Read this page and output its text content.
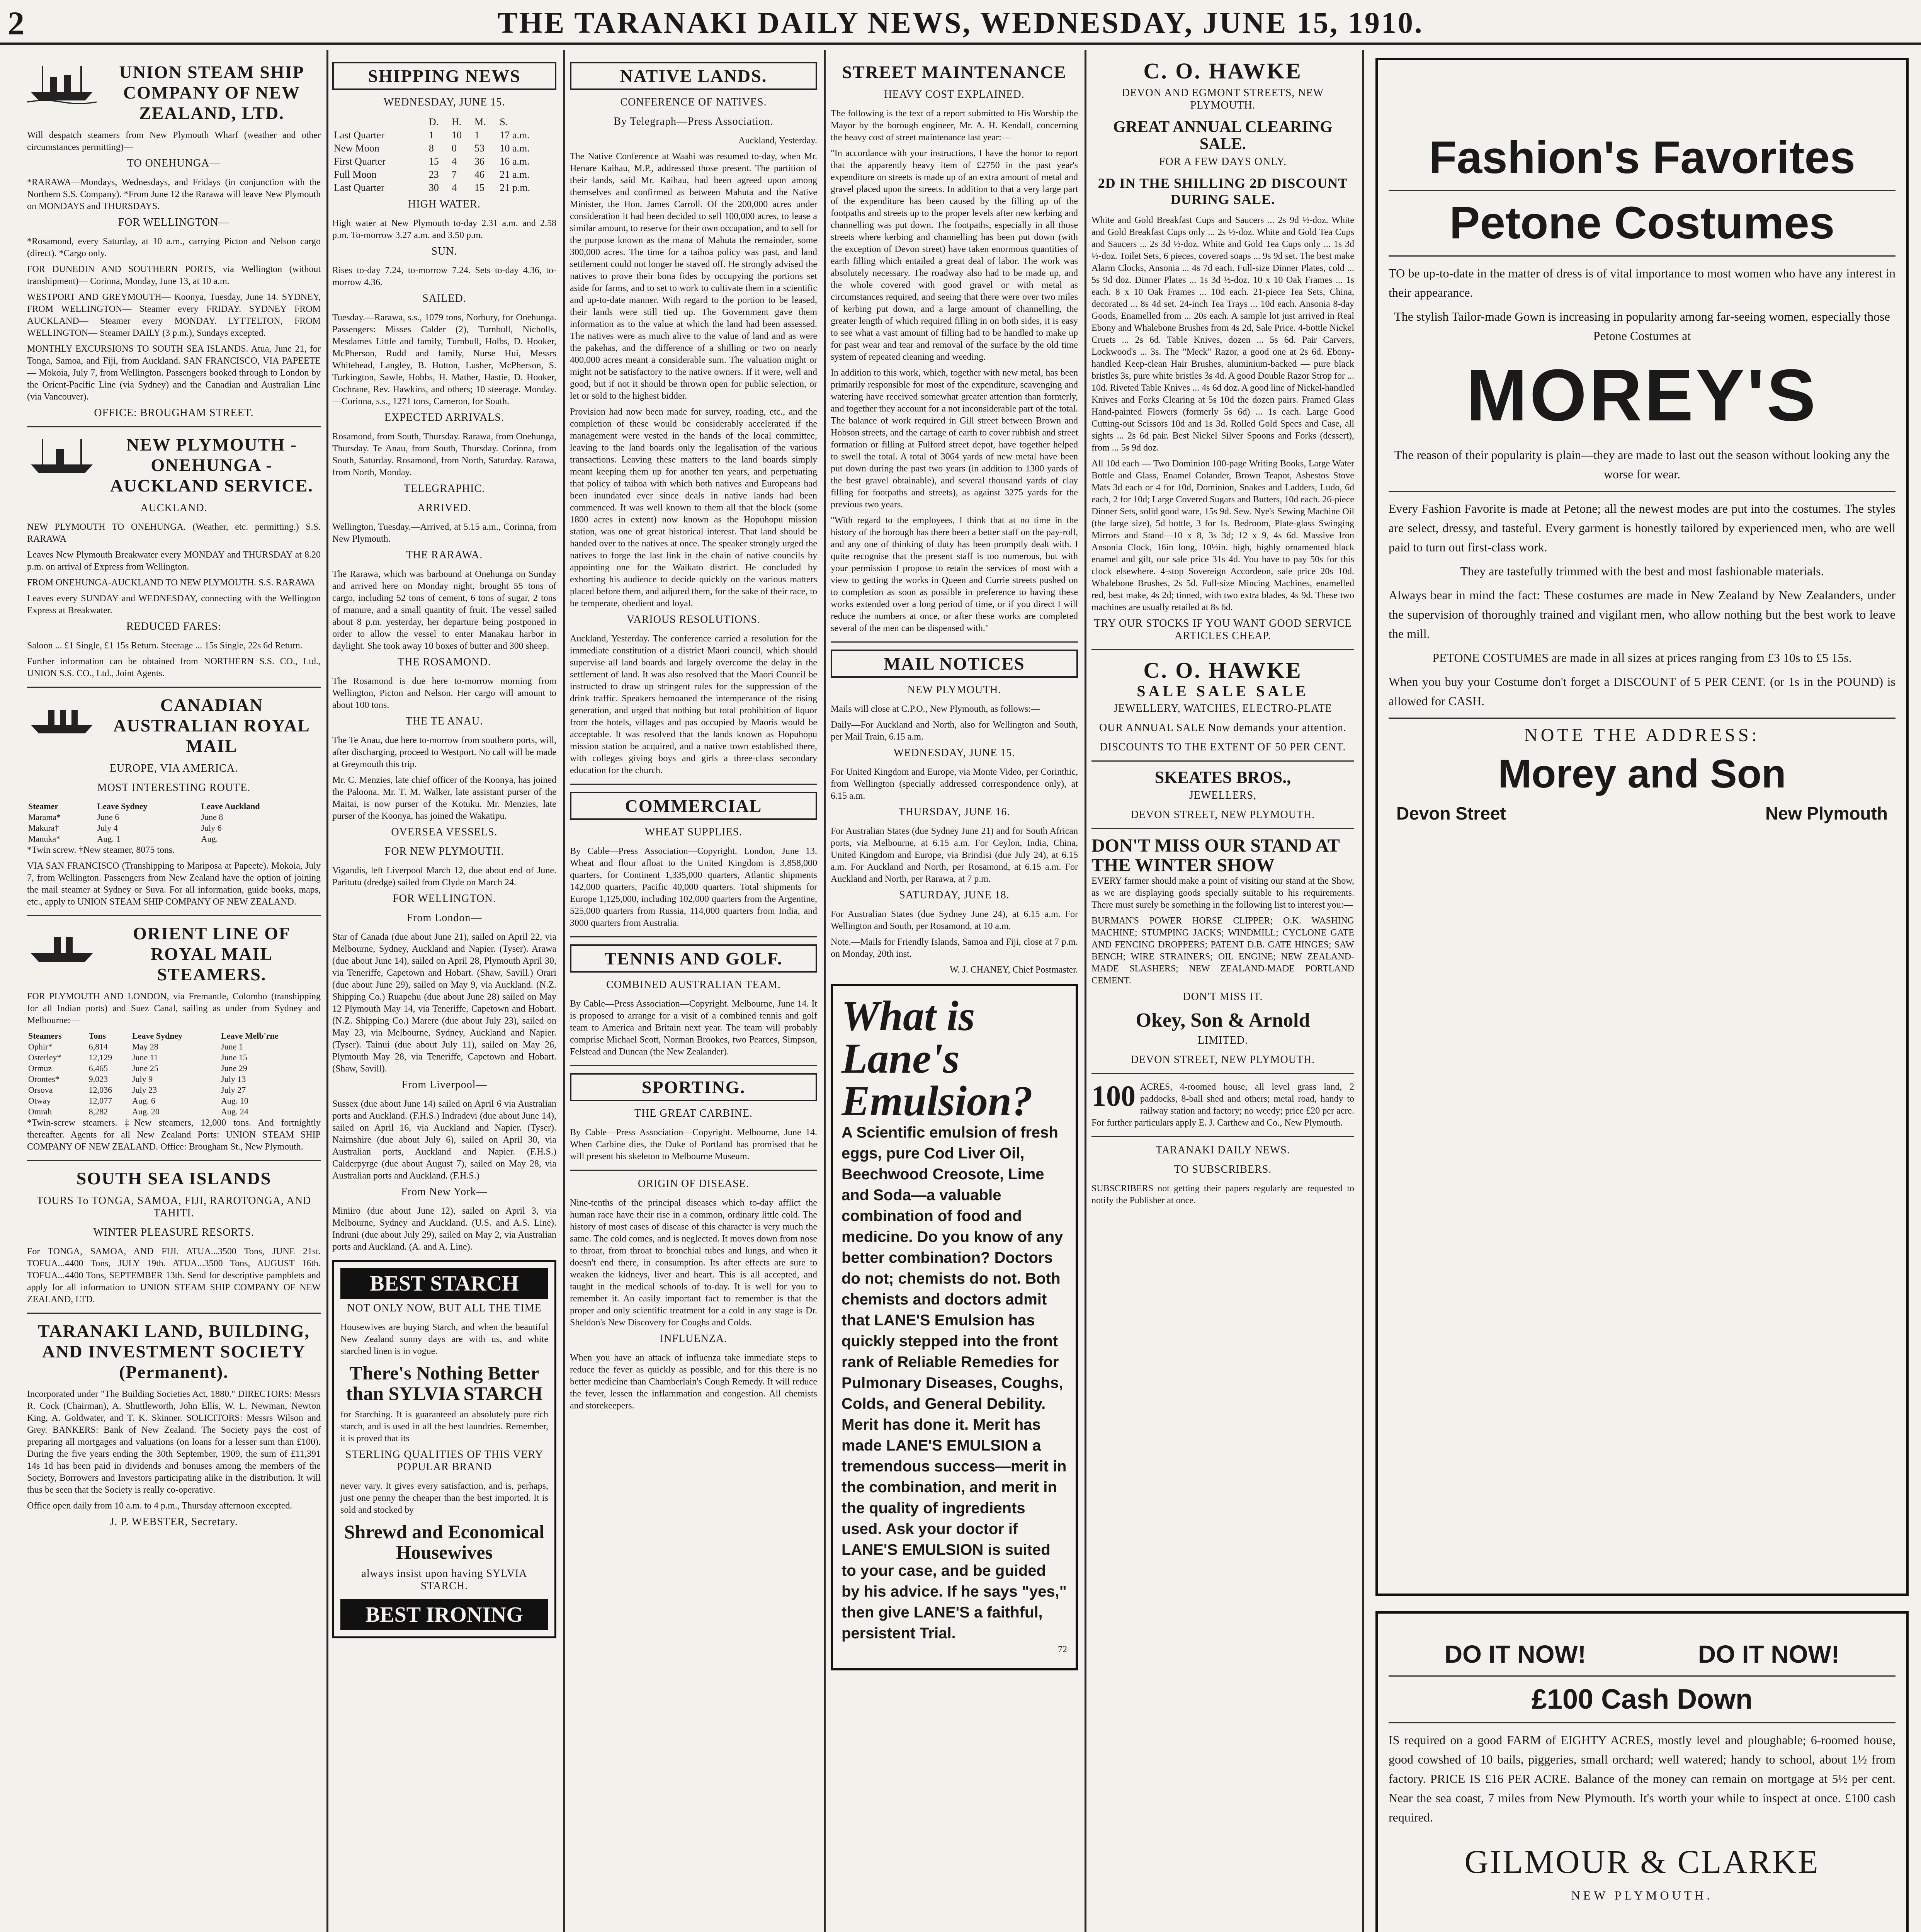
2	THE TARANAKI DAILY NEWS, WEDNESDAY, JUNE 15, 1910.
UNION STEAM SHIP COMPANY OF NEW ZEALAND, LTD.

Will despatch steamers from New Plymouth Wharf (weather and other circumstances permitting)—

TO ONEHUNGA—

*RARAWA—Mondays, Wednesdays, and Fridays (in conjunction with the Northern S.S. Company). *From June 12 the Rarawa will leave New Plymouth on MONDAYS and THURSDAYS.

FOR WELLINGTON—

*Rosamond, every Saturday, at 10 a.m., carrying Picton and Nelson cargo (direct). *Cargo only.

FOR DUNEDIN AND SOUTHERN PORTS, via Wellington (without transhipment)— Corinna, Monday, June 13, at 10 a.m.

WESTPORT AND GREYMOUTH— Koonya, Tuesday, June 14. SYDNEY, FROM WELLINGTON— Steamer every FRIDAY. SYDNEY FROM AUCKLAND— Steamer every MONDAY. LYTTELTON, FROM WELLINGTON— Steamer DAILY (3 p.m.), Sundays excepted.

MONTHLY EXCURSIONS TO SOUTH SEA ISLANDS. Atua, June 21, for Tonga, Samoa, and Fiji, from Auckland. SAN FRANCISCO, VIA PAPEETE— Mokoia, July 7, from Wellington. Passengers booked through to London by the Orient-Pacific Line (via Sydney) and the Canadian and Australian Line (via Vancouver).

OFFICE: BROUGHAM STREET.
NEW PLYMOUTH - ONEHUNGA - AUCKLAND SERVICE.
AUCKLAND.

NEW PLYMOUTH TO ONEHUNGA. (Weather, etc. permitting.) S.S. RARAWA

Leaves New Plymouth Breakwater every MONDAY and THURSDAY at 8.20 p.m. on arrival of Express from Wellington.

FROM ONEHUNGA-AUCKLAND TO NEW PLYMOUTH. S.S. RARAWA

Leaves every SUNDAY and WEDNESDAY, connecting with the Wellington Express at Breakwater.

REDUCED FARES:

Saloon ... £1 Single, £1 15s Return. Steerage ... 15s Single, 22s 6d Return.

Further information can be obtained from NORTHERN S.S. CO., Ltd., UNION S.S. CO., Ltd., Joint Agents.

CANADIAN AUSTRALIAN ROYAL MAIL
EUROPE, VIA AMERICA.
MOST INTERESTING ROUTE.
Steamer	Leave Sydney	Leave Auckland
Marama*	June 6	June 8
Makura†	July 4	July 6
Manuka*	Aug. 1	Aug.

*Twin screw. †New steamer, 8075 tons.

VIA SAN FRANCISCO (Transhipping to Mariposa at Papeete). Mokoia, July 7, from Wellington. Passengers from New Zealand have the option of joining the mail steamer at Sydney or Suva. For all information, guide books, maps, etc., apply to UNION STEAM SHIP COMPANY OF NEW ZEALAND.

ORIENT LINE OF ROYAL MAIL STEAMERS.

FOR PLYMOUTH AND LONDON, via Fremantle, Colombo (transhipping for all Indian ports) and Suez Canal, sailing as under from Sydney and Melbourne:—

Steamers	Tons	Leave Sydney	Leave Melb'rne
Ophir*	6,814	May 28	June 1
Osterley*	12,129	June 11	June 15
Ormuz	6,465	June 25	June 29
Orontes*	9,023	July 9	July 13
Orsova	12,036	July 23	July 27
Otway	12,077	Aug. 6	Aug. 10
Omrah	8,282	Aug. 20	Aug. 24

*Twin-screw steamers. ‡New steamers, 12,000 tons. And fortnightly thereafter. Agents for all New Zealand Ports: UNION STEAM SHIP COMPANY OF NEW ZEALAND. Office: Brougham St., New Plymouth.

SOUTH SEA ISLANDS
TOURS To TONGA, SAMOA, FIJI, RAROTONGA, AND TAHITI.
WINTER PLEASURE RESORTS.

For TONGA, SAMOA, AND FIJI. ATUA...3500 Tons, JUNE 21st. TOFUA...4400 Tons, JULY 19th. ATUA...3500 Tons, AUGUST 16th. TOFUA...4400 Tons, SEPTEMBER 13th. Send for descriptive pamphlets and apply for all information to UNION STEAM SHIP COMPANY OF NEW ZEALAND, LTD.

TARANAKI LAND, BUILDING, AND INVESTMENT SOCIETY (Permanent).

Incorporated under "The Building Societies Act, 1880." DIRECTORS: Messrs R. Cock (Chairman), A. Shuttleworth, John Ellis, W. L. Newman, Newton King, A. Goldwater, and T. K. Skinner. SOLICITORS: Messrs Wilson and Grey. BANKERS: Bank of New Zealand. The Society pays the cost of preparing all mortgages and valuations (on loans for a lesser sum than £100). During the five years ending the 30th September, 1909, the sum of £11,391 14s 1d has been paid in dividends and bonuses among the members of the Society, Borrowers and Investors participating alike in the distribution. It will thus be seen that the Society is really co-operative.

Office open daily from 10 a.m. to 4 p.m., Thursday afternoon excepted.

J. P. WEBSTER, Secretary.
SHIPPING NEWS
WEDNESDAY, JUNE 15.
	D.	H.	M.	S.
Last Quarter	1	10	1	17 a.m.
New Moon	8	0	53	10 a.m.
First Quarter	15	4	36	16 a.m.
Full Moon	23	7	46	21 a.m.
Last Quarter	30	4	15	21 p.m.
HIGH WATER.

High water at New Plymouth to-day 2.31 a.m. and 2.58 p.m. To-morrow 3.27 a.m. and 3.50 p.m.

SUN.

Rises to-day 7.24, to-morrow 7.24. Sets to-day 4.36, to-morrow 4.36.

SAILED.

Tuesday.—Rarawa, s.s., 1079 tons, Norbury, for Onehunga. Passengers: Misses Calder (2), Turnbull, Nicholls, Mesdames Little and family, Turnbull, Holbs, D. Hooker, McPherson, Rudd and family, Nurse Hui, Messrs Whitehead, Langley, B. Hutton, Lusher, McPherson, S. Turkington, Sawle, Hobbs, H. Mather, Hastie, D. Hooker, Cochrane, Rev. Hawkins, and others; 10 steerage. Monday.—Corinna, s.s., 1271 tons, Cameron, for South.

EXPECTED ARRIVALS.

Rosamond, from South, Thursday. Rarawa, from Onehunga, Thursday. Te Anau, from South, Thursday. Corinna, from South, Saturday. Rosamond, from North, Saturday. Rarawa, from North, Monday.

TELEGRAPHIC.
ARRIVED.

Wellington, Tuesday.—Arrived, at 5.15 a.m., Corinna, from New Plymouth.

THE RARAWA.

The Rarawa, which was barbound at Onehunga on Sunday and arrived here on Monday night, brought 55 tons of cargo, including 52 tons of cement, 6 tons of sugar, 2 tons of manure, and a small quantity of fruit. The vessel sailed about 8 p.m. yesterday, her departure being postponed in order to allow the vessel to enter Manakau harbor in daylight. She took away 10 boxes of butter and 300 sheep.

THE ROSAMOND.

The Rosamond is due here to-morrow morning from Wellington, Picton and Nelson. Her cargo will amount to about 100 tons.

THE TE ANAU.

The Te Anau, due here to-morrow from southern ports, will, after discharging, proceed to Westport. No call will be made at Greymouth this trip.

Mr. C. Menzies, late chief officer of the Koonya, has joined the Paloona. Mr. T. M. Walker, late assistant purser of the Maitai, is now purser of the Kotuku. Mr. Menzies, late purser of the Koonya, has joined the Wakatipu.

OVERSEA VESSELS.
FOR NEW PLYMOUTH.

Vigandis, left Liverpool March 12, due about end of June. Paritutu (dredge) sailed from Clyde on March 24.

FOR WELLINGTON.
From London—

Star of Canada (due about June 21), sailed on April 22, via Melbourne, Sydney, Auckland and Napier. (Tyser). Arawa (due about June 14), sailed on April 28, Plymouth April 30, via Teneriffe, Capetown and Hobart. (Shaw, Savill.) Orari (due about June 29), sailed on May 9, via Auckland. (N.Z. Shipping Co.) Ruapehu (due about June 28) sailed on May 12 Plymouth May 14, via Teneriffe, Capetown and Hobart. (N.Z. Shipping Co.) Marere (due about July 23), sailed on May 23, via Melbourne, Sydney, Auckland and Napier. (Tyser). Tainui (due about July 11), sailed on May 26, Plymouth May 28, via Teneriffe, Capetown and Hobart. (Shaw, Savill).

From Liverpool—

Sussex (due about June 14) sailed on April 6 via Australian ports and Auckland. (F.H.S.) Indradevi (due about June 14), sailed on April 16, via Auckland and Napier. (Tyser). Nairnshire (due about July 6), sailed on April 30, via Australian ports, Auckland and Napier. (F.H.S.) Calderpyrge (due about August 7), sailed on May 28, via Australian ports and Auckland. (F.H.S.)

From New York—

Miniiro (due about June 12), sailed on April 3, via Melbourne, Sydney and Auckland. (U.S. and A.S. Line). Indrani (due about July 29), sailed on May 2, via Australian ports and Auckland. (A. and A. Line).

BEST STARCH
NOT ONLY NOW, BUT ALL THE TIME

Housewives are buying Starch, and when the beautiful New Zealand sunny days are with us, and white starched linen is in vogue.

There's Nothing Better than SYLVIA STARCH

for Starching. It is guaranteed an absolutely pure rich starch, and is used in all the best laundries. Remember, it is proved that its

STERLING QUALITIES OF THIS VERY POPULAR BRAND

never vary. It gives every satisfaction, and is, perhaps, just one penny the cheaper than the best imported. It is sold and stocked by

Shrewd and Economical Housewives
always insist upon having SYLVIA STARCH.
BEST IRONING
NATIVE LANDS.
CONFERENCE OF NATIVES.
By Telegraph—Press Association.

Auckland, Yesterday.

The Native Conference at Waahi was resumed to-day, when Mr. Henare Kaihau, M.P., addressed those present. The partition of their lands, said Mr. Kaihau, had been agreed upon among themselves and confirmed as between Mahuta and the Native Minister, the Hon. James Carroll. Of the 200,000 acres under consideration it had been decided to sell 100,000 acres, to lease a similar amount, to reserve for their own occupation, and to sell for the purpose known as the mana of Mahuta the remainder, some 300,000 acres. The time for a taihoa policy was past, and land settlement could not longer be staved off. He strongly advised the natives to prove their bona fides by occupying the portions set aside for farms, and to set to work to cultivate them in a scientific and up-to-date manner. With regard to the portion to be leased, their lands were still tied up. The Government gave them information as to the value at which the land had been assessed. The natives were as much alive to the value of land and as were the pakehas, and the difference of a shilling or two on nearly 400,000 acres meant a considerable sum. The valuation might or might not be satisfactory to the native owners. If it were, well and good, but if not it should be thrown open for public selection, or let or sold to the highest bidder.

Provision had now been made for survey, roading, etc., and the completion of these would be considerably accelerated if the management were vested in the hands of the local committee, leaving to the land boards only the legalisation of the various transactions. Leaving these matters to the land boards simply meant keeping them up for another ten years, and perpetuating that policy of taihoa with which both natives and Europeans had been inundated ever since deals in native lands had been commenced. It was well known to them all that the block (some 1800 acres in extent) now known as the Hopuhopu mission station, was one of great historical interest. That land should be handed over to the natives at once. The speaker strongly urged the natives to forge the last link in the chain of native councils by appointing one for the Waikato district. He concluded by exhorting his audience to decide quickly on the various matters placed before them, and adjured them, for the sake of their race, to be temperate, obedient and loyal.

VARIOUS RESOLUTIONS.

Auckland, Yesterday. The conference carried a resolution for the immediate constitution of a district Maori council, which should supervise all land boards and largely overcome the delay in the settlement of land. It was also resolved that the Maori Council be instructed to draw up stringent rules for the suppression of the drink traffic. Speakers bemoaned the intemperance of the rising generation, and urged that nothing but total prohibition of liquor from the hotels, villages and pas occupied by Maoris would be acceptable. It was resolved that the lands known as Hopuhopu mission station be acquired, and a native town established there, with colleges giving boys and girls a three-class secondary education for the church.

COMMERCIAL
WHEAT SUPPLIES.

By Cable—Press Association—Copyright. London, June 13. Wheat and flour afloat to the United Kingdom is 3,858,000 quarters, for Continent 1,335,000 quarters, Atlantic shipments 142,000 quarters, Pacific 40,000 quarters. Total shipments for Europe 1,125,000, including 102,000 quarters from the Argentine, 525,000 quarters from Russia, 114,000 quarters from India, and 3000 quarters from Australia.

TENNIS AND GOLF.
COMBINED AUSTRALIAN TEAM.

By Cable—Press Association—Copyright. Melbourne, June 14. It is proposed to arrange for a visit of a combined tennis and golf team to America and Britain next year. The team will probably comprise Michael Scott, Norman Brookes, two Pearces, Simpson, Felstead and Duncan (the New Zealander).

SPORTING.
THE GREAT CARBINE.

By Cable—Press Association—Copyright. Melbourne, June 14. When Carbine dies, the Duke of Portland has promised that he will present his skeleton to Melbourne Museum.

ORIGIN OF DISEASE.

Nine-tenths of the principal diseases which to-day afflict the human race have their rise in a common, ordinary little cold. The history of most cases of disease of this character is very much the same. The cold comes, and is neglected. It moves down from nose to throat, from throat to bronchial tubes and lungs, and when it doesn't end there, in consumption. Its after effects are sure to weaken the kidneys, liver and heart. This is all accepted, and taught in the medical schools of to-day. It is well for you to remember it. An easily important fact to remember is that the proper and only scientific treatment for a cold in any stage is Dr. Sheldon's New Discovery for Coughs and Colds.

INFLUENZA.

When you have an attack of influenza take immediate steps to reduce the fever as quickly as possible, and for this there is no better medicine than Chamberlain's Cough Remedy. It will reduce the fever, lessen the inflammation and congestion. All chemists and storekeepers.

STREET MAINTENANCE
HEAVY COST EXPLAINED.

The following is the text of a report submitted to His Worship the Mayor by the borough engineer, Mr. A. H. Kendall, concerning the heavy cost of street maintenance last year:—

"In accordance with your instructions, I have the honor to report that the apparently heavy item of £2750 in the past year's expenditure on streets is made up of an extra amount of metal and gravel placed upon the streets. In addition to that a very large part of the expenditure has been caused by the filling up of the footpaths and streets up to the proper levels after new kerbing and channelling was put down. The footpaths, especially in all those streets where kerbing and channelling has been put down (with the exception of Devon street) have taken enormous quantities of earth filling which entailed a great deal of labor. The work was absolutely necessary. The roadway also had to be made up, and the whole covered with good gravel or with metal as circumstances required, and seeing that there were over two miles of kerbing put down, and a large amount of channelling, the greater length of which required filling in on both sides, it is easy to see what a vast amount of filling had to be handled to make up for past wear and tear and removal of the surface by the old time system of repeated cleaning and weeding.

In addition to this work, which, together with new metal, has been primarily responsible for most of the expenditure, scavenging and watering have received somewhat greater attention than formerly, and together they account for a not inconsiderable part of the total. The balance of work required in Gill street between Brown and Hobson streets, and the cartage of earth to cover rubbish and street formation or filling at Fulford street depot, have together helped to swell the total. A total of 3064 yards of new metal have been put down during the past two years (in addition to 1300 yards of the best gravel obtainable), and several thousand yards of clay filling for footpaths and streets), as against 3275 yards for the previous two years.

"With regard to the employees, I think that at no time in the history of the borough has there been a better staff on the pay-roll, and any one of thinking of duty has been promptly dealt with. I quite recognise that the present staff is too numerous, but with your permission I propose to retain the services of most with a view to getting the works in Queen and Currie streets pushed on to completion as soon as possible in preference to having these works extended over a long period of time, or if you direct I will reduce the numbers at once, or after these works are completed several of the men can be dispensed with."

MAIL NOTICES
NEW PLYMOUTH.

Mails will close at C.P.O., New Plymouth, as follows:—

Daily—For Auckland and North, also for Wellington and South, per Mail Train, 6.15 a.m.

WEDNESDAY, JUNE 15.

For United Kingdom and Europe, via Monte Video, per Corinthic, from Wellington (specially addressed correspondence only), at 6.15 a.m.

THURSDAY, JUNE 16.

For Australian States (due Sydney June 21) and for South African ports, via Melbourne, at 6.15 a.m. For Ceylon, India, China, United Kingdom and Europe, via Brindisi (due July 24), at 6.15 a.m. For Auckland and North, per Rosamond, at 6.15 a.m. For Auckland and North, per Rarawa, at 7 p.m.

SATURDAY, JUNE 18.

For Australian States (due Sydney June 24), at 6.15 a.m. For Wellington and South, per Rosamond, at 10 a.m.

Note.—Mails for Friendly Islands, Samoa and Fiji, close at 7 p.m. on Monday, 20th inst.

W. J. CHANEY, Chief Postmaster.

What is Lane's Emulsion?
A Scientific emulsion of fresh eggs, pure Cod Liver Oil, Beechwood Creosote, Lime and Soda—a valuable combination of food and medicine. Do you know of any better combination? Doctors do not; chemists do not. Both chemists and doctors admit that LANE'S Emulsion has quickly stepped into the front rank of Reliable Remedies for Pulmonary Diseases, Coughs, Colds, and General Debility. Merit has done it. Merit has made LANE'S EMULSION a tremendous success—merit in the combination, and merit in the quality of ingredients used. Ask your doctor if LANE'S EMULSION is suited to your case, and be guided by his advice. If he says "yes," then give LANE'S a faithful, persistent Trial.
72
C. O. HAWKE
DEVON AND EGMONT STREETS, NEW PLYMOUTH.
GREAT ANNUAL CLEARING SALE.
FOR A FEW DAYS ONLY.
2D IN THE SHILLING 2D DISCOUNT DURING SALE.

White and Gold Breakfast Cups and Saucers ... 2s 9d ½-doz. White and Gold Breakfast Cups only ... 2s ½-doz. White and Gold Tea Cups and Saucers ... 2s 3d ½-doz. White and Gold Tea Cups only ... 1s 3d ½-doz. Toilet Sets, 6 pieces, covered soaps ... 9s 9d set. The best make Alarm Clocks, Ansonia ... 4s 7d each. Full-size Dinner Plates, cold ... 5s 9d doz. Dinner Plates ... 1s 3d ½-doz. 10 x 10 Oak Frames ... 1s each. 8 x 10 Oak Frames ... 10d each. 21-piece Tea Sets, China, decorated ... 8s 4d set. 24-inch Tea Trays ... 10d each. Ansonia 8-day Goods, Enamelled from ... 20s each. A sample lot just arrived in Real Ebony and Whalebone Brushes from 4s 2d, Sale Price. 4-bottle Nickel Cruets ... 2s 6d. Table Knives, dozen ... 5s 6d. Pair Carvers, Lockwood's ... 3s. The "Meck" Razor, a good one at 2s 6d. Ebony-handled Keep-clean Hair Brushes, aluminium-backed — pure black bristles 3s, pure white bristles 3s 4d. A good Double Razor Strop for ... 10d. Riveted Table Knives ... 4s 6d doz. A good line of Nickel-handled Knives and Forks Clearing at 5s 10d the dozen pairs. Framed Glass Hand-painted Flowers (formerly 5s 6d) ... 1s each. Large Good Cutting-out Scissors 10d and 1s 3d. Rolled Gold Specs and Case, all sights ... 2s 6d pair. Best Nickel Silver Spoons and Forks (dessert), from ... 5s 9d doz.

All 10d each — Two Dominion 100-page Writing Books, Large Water Bottle and Glass, Enamel Colander, Brown Teapot, Asbestos Stove Mats 3d each or 4 for 10d, Dominion, Snakes and Ladders, Ludo, 6d each, 2 for 10d; Large Covered Sugars and Butters, 10d each. 26-piece Dinner Sets, solid good ware, 15s 9d. Sew. Nye's Sewing Machine Oil (the large size), 5d bottle, 3 for 1s. Bedroom, Plate-glass Swinging Mirrors and Stand—10 x 8, 3s 3d; 12 x 9, 4s 6d. Massive Iron Ansonia Clock, 16in long, 10½in. high, highly ornamented black enamel and gilt, our sale price 31s 4d. You have to pay 50s for this clock elsewhere. 4-stop Sovereign Accordeon, sale price 20s 10d. Whalebone Brushes, 2s 5d. Full-size Mincing Machines, enamelled red, best make, 4s 2d; tinned, with two extra blades, 4s 9d. These two machines are usually retailed at 8s 6d.

TRY OUR STOCKS IF YOU WANT GOOD SERVICE ARTICLES CHEAP.
C. O. HAWKE
SALE SALE SALE
JEWELLERY, WATCHES, ELECTRO-PLATE
OUR ANNUAL SALE Now demands your attention.
DISCOUNTS TO THE EXTENT OF 50 PER CENT.
SKEATES BROS.,
JEWELLERS,
DEVON STREET, NEW PLYMOUTH.
DON'T MISS OUR STAND AT THE WINTER SHOW

EVERY farmer should make a point of visiting our stand at the Show, as we are displaying goods specially suitable to his requirements. There must surely be something in the following list to interest you:—

BURMAN'S POWER HORSE CLIPPER; O.K. WASHING MACHINE; STUMPING JACKS; WINDMILL; CYCLONE GATE AND FENCING DROPPERS; PATENT D.B. GATE HINGES; SAW BENCH; WIRE STRAINERS; OIL ENGINE; NEW ZEALAND-MADE SLASHERS; NEW ZEALAND-MADE PORTLAND CEMENT.

DON'T MISS IT.
Okey, Son & Arnold
LIMITED.
DEVON STREET, NEW PLYMOUTH.
100 ACRES, 4-roomed house, all level grass land, 2 paddocks, 8-ball shed and others; metal road, handy to railway station and factory; no weedy; price £20 per acre. For further particulars apply E. J. Carthew and Co., New Plymouth.

TARANAKI DAILY NEWS.
TO SUBSCRIBERS.

SUBSCRIBERS not getting their papers regularly are requested to notify the Publisher at once.

Fashion's Favorites
Petone Costumes
TO be up-to-date in the matter of dress is of vital importance to most women who have any interest in their appearance.
The stylish Tailor-made Gown is increasing in popularity among far-seeing women, especially those Petone Costumes at
MOREY'S
The reason of their popularity is plain—they are made to last out the season without looking any the worse for wear.
Every Fashion Favorite is made at Petone; all the newest modes are put into the costumes. The styles are select, dressy, and tasteful. Every garment is honestly tailored by experienced men, who are well paid to turn out first-class work.
They are tastefully trimmed with the best and most fashionable materials.
Always bear in mind the fact: These costumes are made in New Zealand by New Zealanders, under the supervision of thoroughly trained and vigilant men, who allow nothing but the best work to leave the mill.
PETONE COSTUMES are made in all sizes at prices ranging from £3 10s to £5 15s.
When you buy your Costume don't forget a DISCOUNT of 5 PER CENT. (or 1s in the POUND) is allowed for CASH.
NOTE THE ADDRESS:
Morey and Son
Devon Street	New Plymouth
DO IT NOW!	DO IT NOW!
£100 Cash Down
IS required on a good FARM of EIGHTY ACRES, mostly level and ploughable; 6-roomed house, good cowshed of 10 bails, piggeries, small orchard; well watered; handy to school, about 1½ from factory. PRICE IS £16 PER ACRE. Balance of the money can remain on mortgage at 5½ per cent. Near the sea coast, 7 miles from New Plymouth. It's worth your while to inspect at once. £100 cash required.
GILMOUR & CLARKE
NEW PLYMOUTH.
